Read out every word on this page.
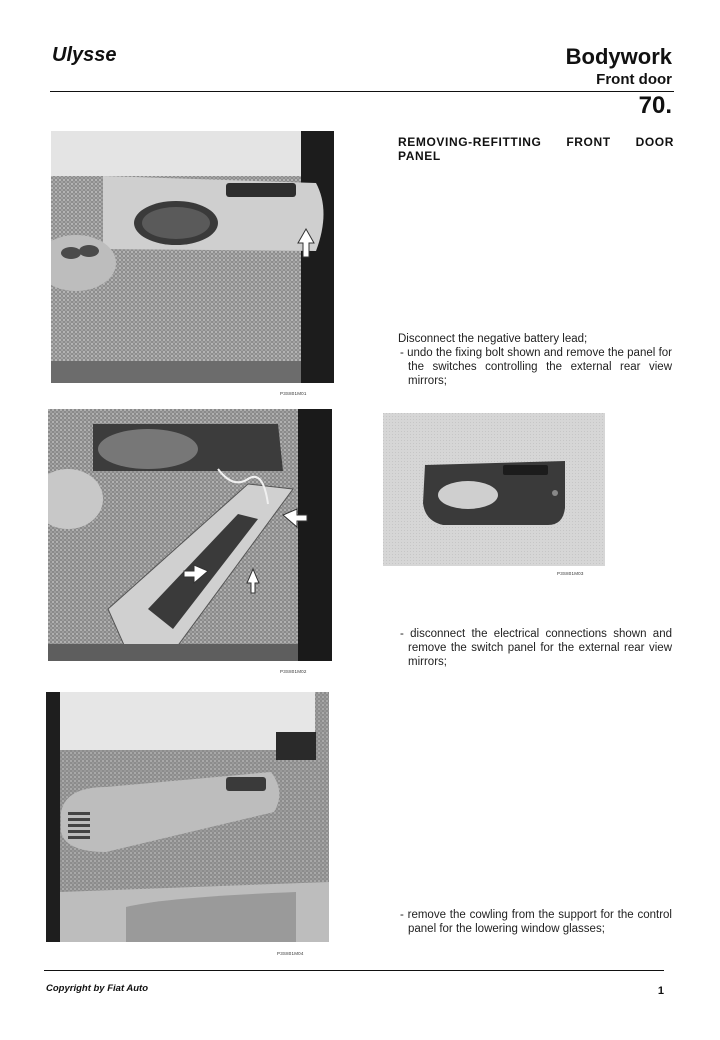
Ulysse	Bodywork
Front door
70.
P3S801M01
P3S801M02
P3S801M03
P3S801M04
REMOVING-REFITTING FRONT DOOR PANEL

Disconnect the negative battery lead;

- undo the fixing bolt shown and remove the panel for the switches controlling the external rear view mirrors;

- disconnect the electrical connections shown and remove the switch panel for the external rear view mirrors;

- remove the cowling from the support for the control panel for the lowering window glasses;

Copyright by Fiat Auto	1
